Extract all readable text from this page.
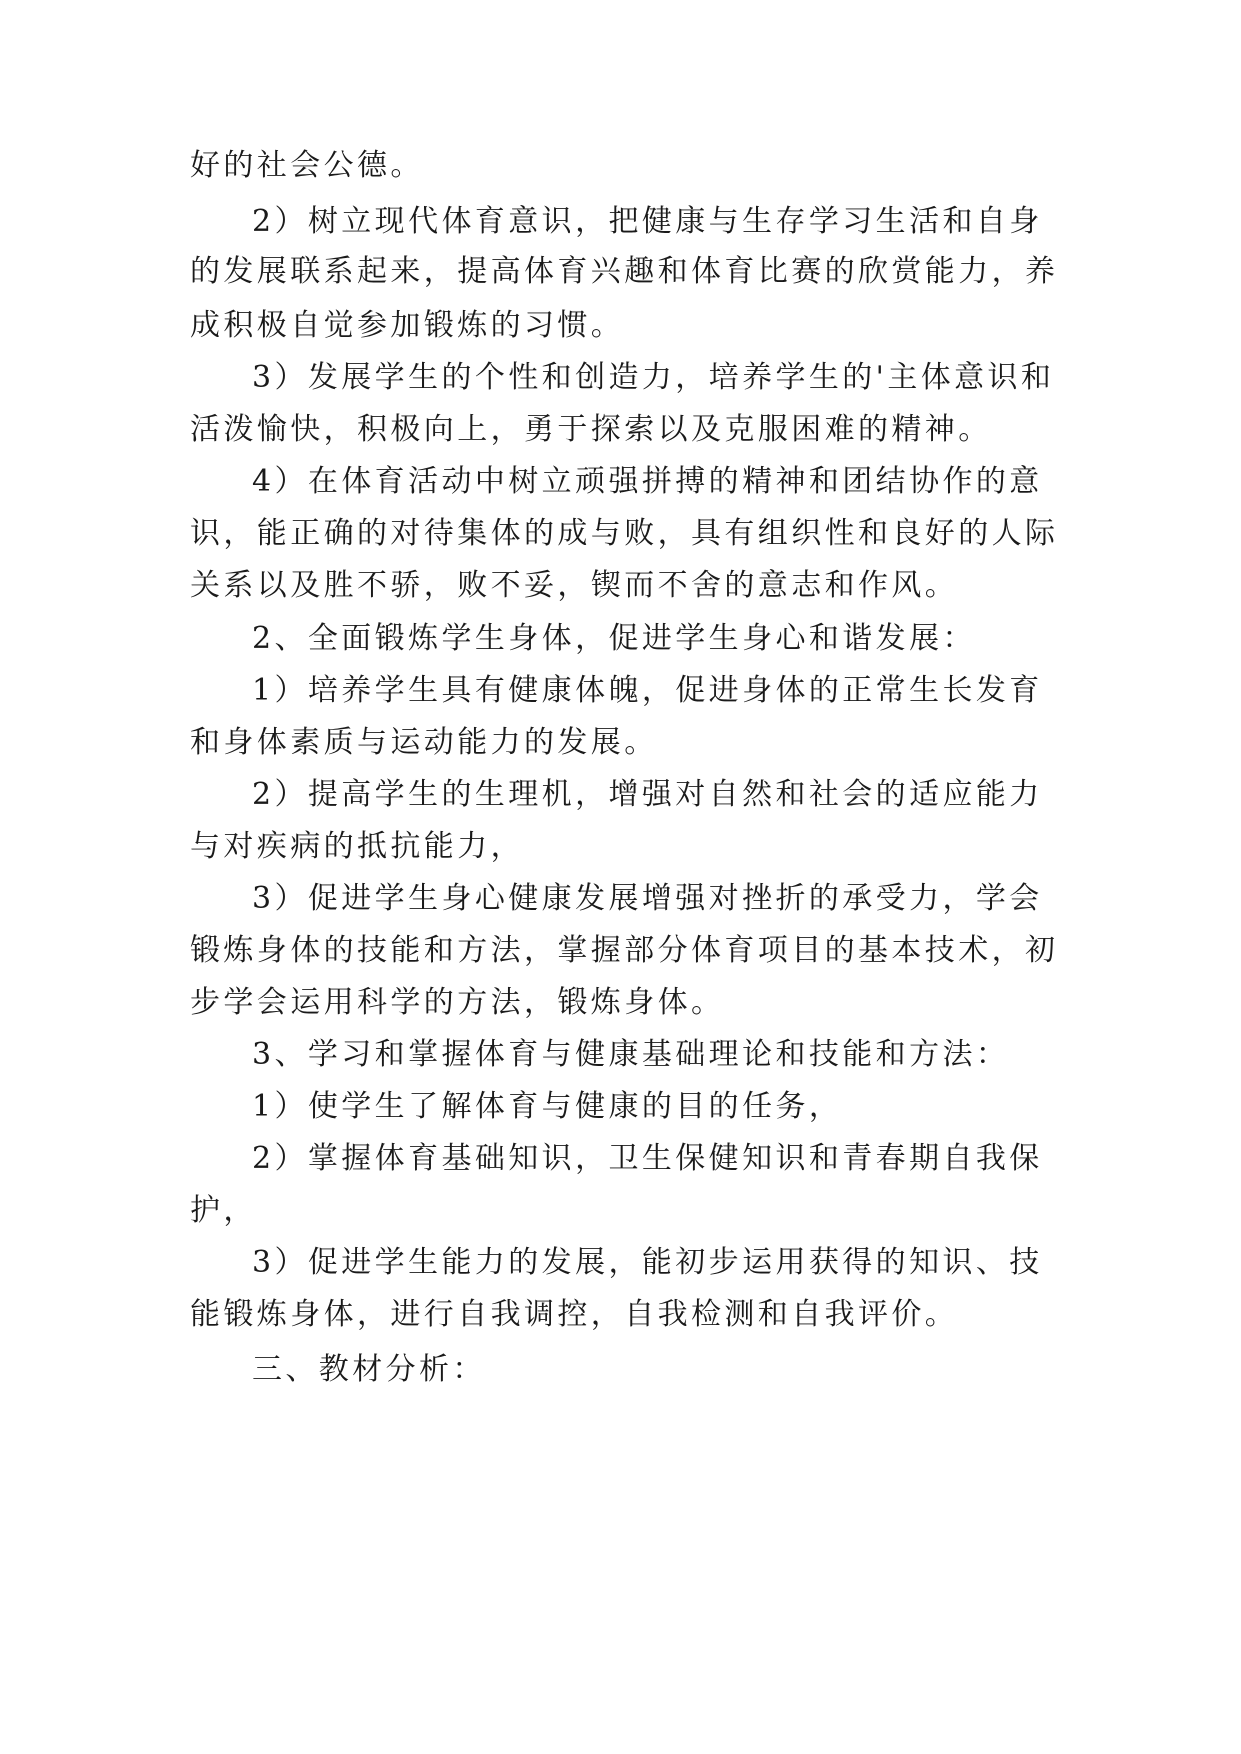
好的社会公德。
2）树立现代体育意识，把健康与生存学习生活和自身
的发展联系起来，提高体育兴趣和体育比赛的欣赏能力，养
成积极自觉参加锻炼的习惯。
3）发展学生的个性和创造力，培养学生的'主体意识和
活泼愉快，积极向上，勇于探索以及克服困难的精神。
4）在体育活动中树立顽强拼搏的精神和团结协作的意
识，能正确的对待集体的成与败，具有组织性和良好的人际
关系以及胜不骄，败不妥，锲而不舍的意志和作风。
2、全面锻炼学生身体，促进学生身心和谐发展：
1）培养学生具有健康体魄，促进身体的正常生长发育
和身体素质与运动能力的发展。
2）提高学生的生理机，增强对自然和社会的适应能力
与对疾病的抵抗能力，
3）促进学生身心健康发展增强对挫折的承受力，学会
锻炼身体的技能和方法，掌握部分体育项目的基本技术，初
步学会运用科学的方法，锻炼身体。
3、学习和掌握体育与健康基础理论和技能和方法：
1）使学生了解体育与健康的目的任务，
2）掌握体育基础知识，卫生保健知识和青春期自我保
护，
3）促进学生能力的发展，能初步运用获得的知识、技
能锻炼身体，进行自我调控，自我检测和自我评价。
三、教材分析：
